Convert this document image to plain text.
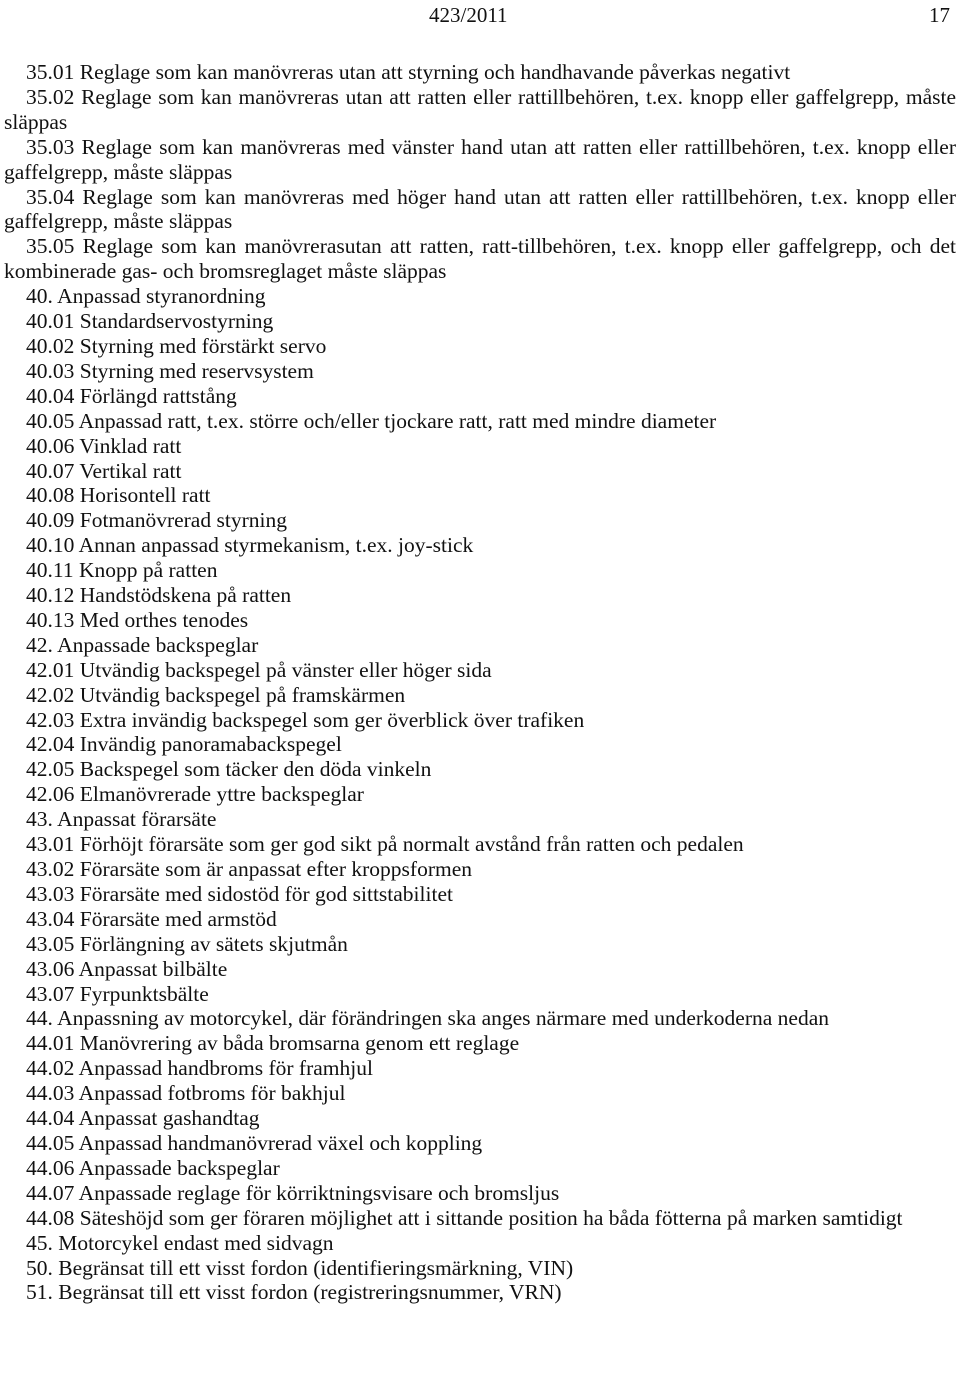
423/2011	17

35.01 Reglage som kan manövreras utan att styrning och handhavande påverkas negativt

35.02 Reglage som kan manövreras utan att ratten eller rattillbehören, t.ex. knopp eller gaffelgrepp, måste släppas

35.03 Reglage som kan manövreras med vänster hand utan att ratten eller rattillbehören, t.ex. knopp eller gaffelgrepp, måste släppas

35.04 Reglage som kan manövreras med höger hand utan att ratten eller rattillbehören, t.ex. knopp eller gaffelgrepp, måste släppas

35.05 Reglage som kan manövrerasutan att ratten, ratt-tillbehören, t.ex. knopp eller gaffelgrepp, och det kombinerade gas- och bromsreglaget måste släppas

40. Anpassad styranordning

40.01 Standardservostyrning

40.02 Styrning med förstärkt servo

40.03 Styrning med reservsystem

40.04 Förlängd rattstång

40.05 Anpassad ratt, t.ex. större och/eller tjockare ratt, ratt med mindre diameter

40.06 Vinklad ratt

40.07 Vertikal ratt

40.08 Horisontell ratt

40.09 Fotmanövrerad styrning

40.10 Annan anpassad styrmekanism, t.ex. joy-stick

40.11 Knopp på ratten

40.12 Handstödskena på ratten

40.13 Med orthes tenodes

42. Anpassade backspeglar

42.01 Utvändig backspegel på vänster eller höger sida

42.02 Utvändig backspegel på framskärmen

42.03 Extra invändig backspegel som ger överblick över trafiken

42.04 Invändig panoramabackspegel

42.05 Backspegel som täcker den döda vinkeln

42.06 Elmanövrerade yttre backspeglar

43. Anpassat förarsäte

43.01 Förhöjt förarsäte som ger god sikt på normalt avstånd från ratten och pedalen

43.02 Förarsäte som är anpassat efter kroppsformen

43.03 Förarsäte med sidostöd för god sittstabilitet

43.04 Förarsäte med armstöd

43.05 Förlängning av sätets skjutmån

43.06 Anpassat bilbälte

43.07 Fyrpunktsbälte

44. Anpassning av motorcykel, där förändringen ska anges närmare med underkoderna nedan

44.01 Manövrering av båda bromsarna genom ett reglage

44.02 Anpassad handbroms för framhjul

44.03 Anpassad fotbroms för bakhjul

44.04 Anpassat gashandtag

44.05 Anpassad handmanövrerad växel och koppling

44.06 Anpassade backspeglar

44.07 Anpassade reglage för körriktningsvisare och bromsljus

44.08 Säteshöjd som ger föraren möjlighet att i sittande position ha båda fötterna på marken samtidigt

45. Motorcykel endast med sidvagn

50. Begränsat till ett visst fordon (identifieringsmärkning, VIN)

51. Begränsat till ett visst fordon (registreringsnummer, VRN)
